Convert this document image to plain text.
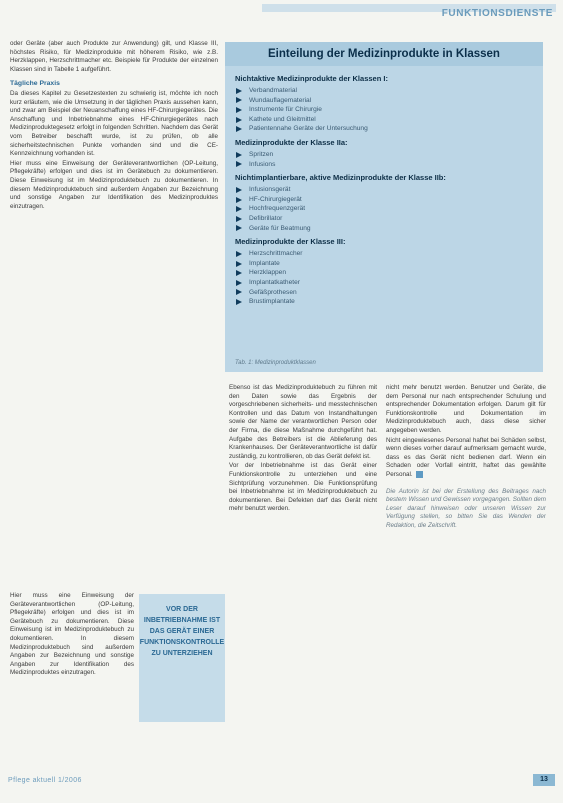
FUNKTIONSDIENSTE
Einteilung der Medizinprodukte in Klassen
Nichtaktive Medizinprodukte der Klassen I:
Verbandmaterial
Wundauflagematerial
Instrumente für Chirurgie
Kathete und Gleitmittel
Patientennahe Geräte der Untersuchung
Medizinprodukte der Klasse IIa:
Spritzen
Infusions
Nichtimplantierbare, aktive Medizinprodukte der Klasse IIb:
Infusionsgerät
HF-Chirurgiegerät
Hochfrequenzgerät
Defibrillator
Geräte für Beatmung
Medizinprodukte der Klasse III:
Herzschrittmacher
Implantate
Herzklappen
Implantatkatheter
Gefäßprothesen
Brustimplantate
Tab. 1: Medizinproduktklassen

oder Geräte (aber auch Produkte zur Anwendung) gilt, und Klasse III, höchstes Risiko, für Medizinprodukte mit höherem Risiko, wie z.B. Herzklappen, Herzschrittmacher etc. Beispiele für Produkte der einzelnen Klassen sind in Tabelle 1 aufgeführt.

Tägliche Praxis

Da dieses Kapitel zu Gesetzestexten zu schwierig ist, möchte ich noch kurz erläutern, wie die Umsetzung in der täglichen Praxis aussehen kann, und zwar am Beispiel der Neuanschaffung eines HF-Chirurgiegerätes. Die Anschaffung und Inbetriebnahme eines HF-Chirurgiegerätes nach Medizinproduktegesetz erfolgt in folgenden Schritten. Nachdem das Gerät vom Betreiber beschafft wurde, ist zu prüfen, ob alle sicherheitstechnischen Punkte vorhanden sind und die CE-Kennzeichnung vorhanden ist.

Hier muss eine Einweisung der Geräteverantwortlichen (OP-Leitung, Pflegekräfte) erfolgen und dies ist im Gerätebuch zu dokumentieren. Diese Einweisung ist im Medizinproduktebuch zu dokumentieren. In diesem Medizinproduktebuch sind außerdem Angaben zur Bezeichnung und sonstige Angaben zur Identifikation des Medizinproduktes einzutragen.

Hier muss eine Einweisung der Geräteverantwortlichen (OP-Leitung, Pflegekräfte) erfolgen und dies ist im Gerätebuch zu dokumentieren. Diese Einweisung ist im Medizinproduktebuch zu dokumentieren. In diesem Medizinproduktebuch sind außerdem Angaben zur Bezeichnung und sonstige Angaben zur Identifikation des Medizinproduktes einzutragen.

VOR DER INBETRIEBNAHME IST DAS GERÄT EINER FUNKTIONSKONTROLLE ZU UNTERZIEHEN

Ebenso ist das Medizinproduktebuch zu führen mit den Daten sowie das Ergebnis der vorgeschriebenen sicherheits- und messtechnischen Kontrollen und das Datum von Instandhaltungen sowie der Name der verantwortlichen Person oder der Firma, die diese Maßnahme durchgeführt hat. Aufgabe des Betreibers ist die Ablieferung des Krankenhauses. Der Geräteverantwortliche ist dafür zuständig, zu kontrollieren, ob das Gerät defekt ist.

Vor der Inbetriebnahme ist das Gerät einer Funktionskontrolle zu unterziehen und eine Sichtprüfung vorzunehmen. Die Funktionsprüfung bei Inbetriebnahme ist im Medizinproduktebuch zu dokumentieren. Bei Defekten darf das Gerät nicht mehr benutzt werden.

nicht mehr benutzt werden. Benutzer und Geräte, die dem Personal nur nach entsprechender Schulung und entsprechender Dokumentation erfolgen. Darum gilt für Funktionskontrolle und Dokumentation im Medizinproduktebuch auch, dass diese sicher angegeben werden.

Nicht eingewiesenes Personal haftet bei Schäden selbst, wenn dieses vorher darauf aufmerksam gemacht wurde, dass es das Gerät nicht bedienen darf. Wenn ein Schaden oder Vorfall eintritt, haftet das gewählte Personal.

Die Autorin ist bei der Erstellung des Beitrages nach bestem Wissen und Gewissen vorgegangen. Sollten dem Leser darauf hinweisen oder unseren Wissen zur Verfügung stellen, so bitten Sie das Wenden der Redaktion, die Zeitschrift.

Pflege aktuell 1/2006	13
